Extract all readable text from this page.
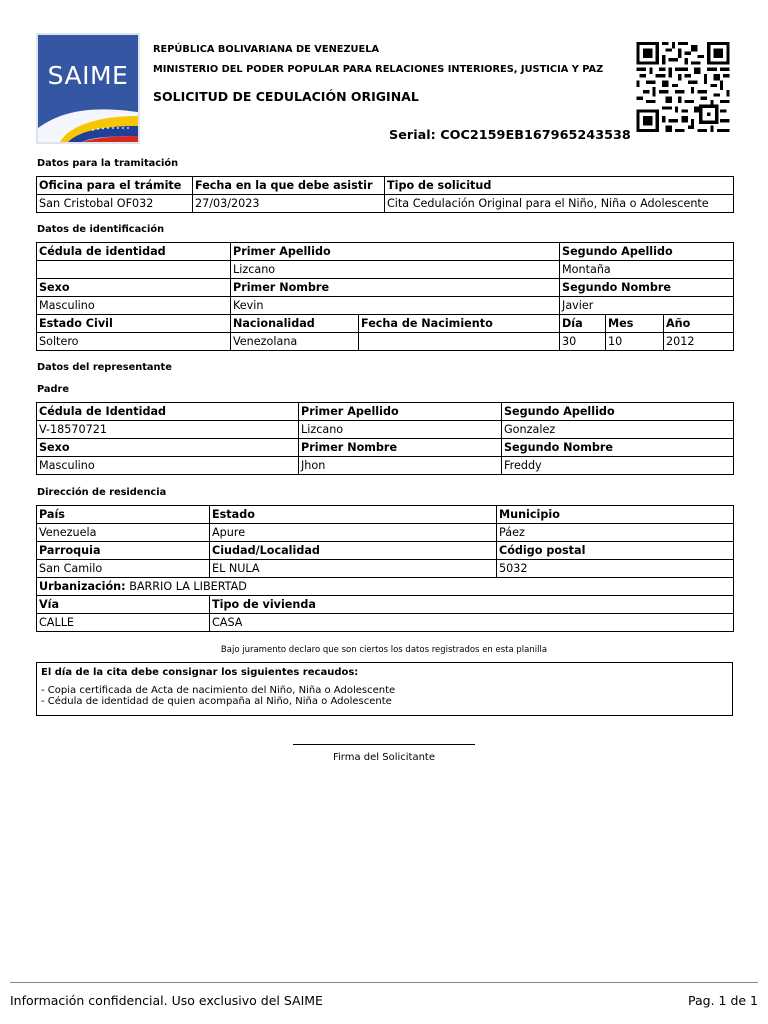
SAIME
REPÚBLICA BOLIVARIANA DE VENEZUELA
MINISTERIO DEL PODER POPULAR PARA RELACIONES INTERIORES, JUSTICIA Y PAZ
SOLICITUD DE CEDULACIÓN ORIGINAL
Serial: COC2159EB167965243538
Datos para la tramitación
Oficina para el trámite	Fecha en la que debe asistir	Tipo de solicitud
San Cristobal OF032	27/03/2023	Cita Cedulación Original para el Niño, Niña o Adolescente
Datos de identificación
Cédula de identidad	Primer Apellido		Segundo Apellido		
	Lizcano		Montaña		
Sexo	Primer Nombre		Segundo Nombre		
Masculino	Kevin		Javier		
Estado Civil	Nacionalidad	Fecha de Nacimiento	Día	Mes	Año
Soltero	Venezolana		30	10	2012
Datos del representante
Padre
Cédula de Identidad	Primer Apellido	Segundo Apellido
V-18570721	Lizcano	Gonzalez
Sexo	Primer Nombre	Segundo Nombre
Masculino	Jhon	Freddy
Dirección de residencia
País	Estado	Municipio
Venezuela	Apure	Páez
Parroquia	Ciudad/Localidad	Código postal
San Camilo	EL NULA	5032
Urbanización: BARRIO LA LIBERTAD		
Vía	Tipo de vivienda	
CALLE	CASA	
Bajo juramento declaro que son ciertos los datos registrados en esta planilla
El día de la cita debe consignar los siguientes recaudos:
- Copia certificada de Acta de nacimiento del Niño, Niña o Adolescente
- Cédula de identidad de quien acompaña al Niño, Niña o Adolescente
Firma del Solicitante
Información confidencial. Uso exclusivo del SAIME	Pag. 1 de 1
